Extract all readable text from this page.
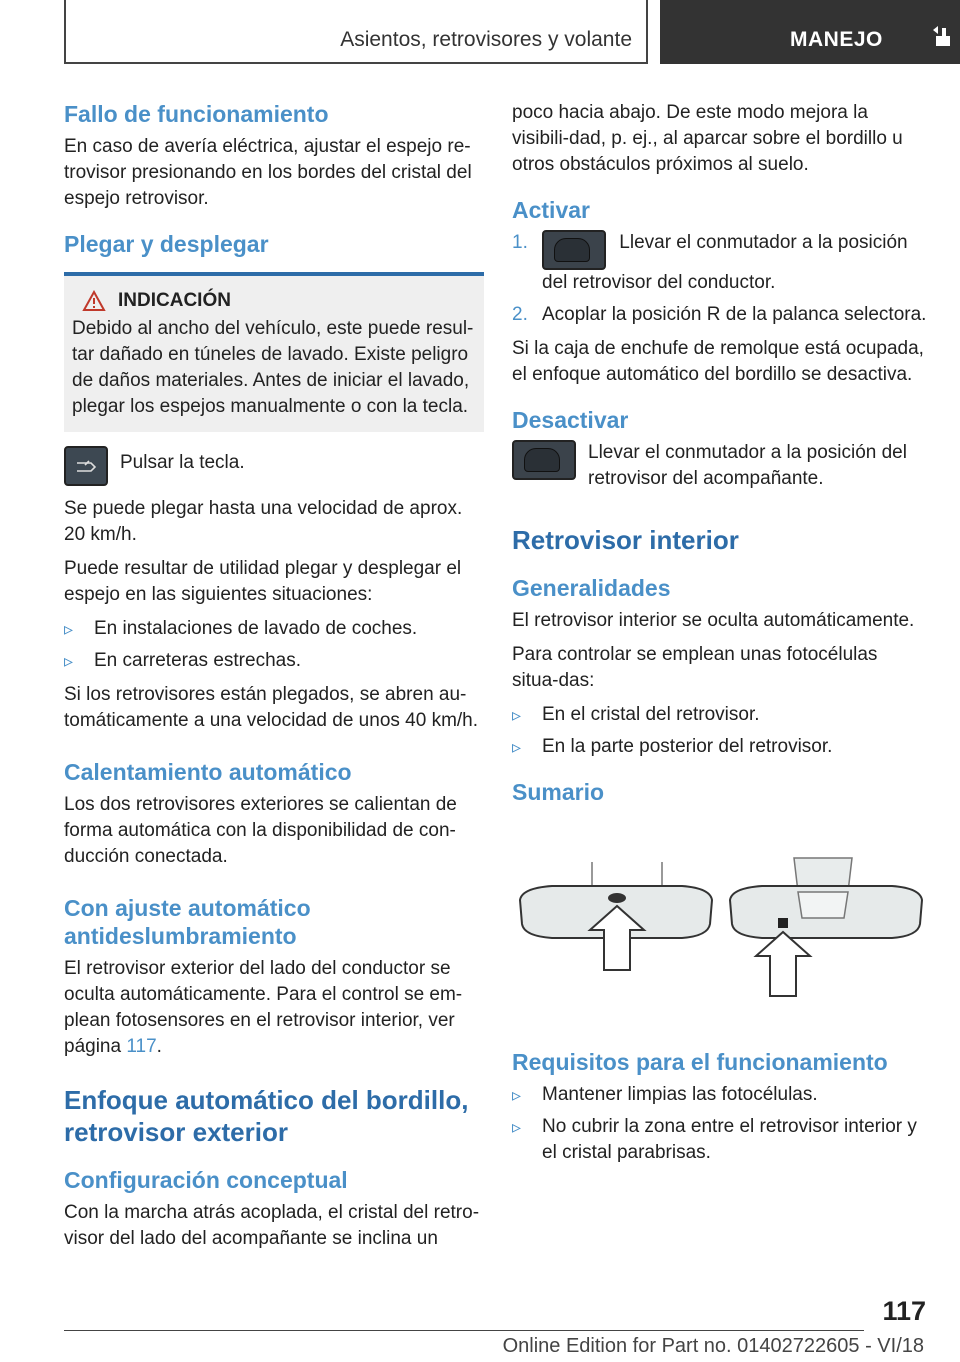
Asientos, retrovisores y volante	MANEJO
Fallo de funcionamiento

En caso de avería eléctrica, ajustar el espejo re-trovisor presionando en los bordes del cristal del espejo retrovisor.

Plegar y desplegar
INDICACIÓN

Debido al ancho del vehículo, este puede resul-tar dañado en túneles de lavado. Existe peligro de daños materiales. Antes de iniciar el lavado, plegar los espejos manualmente o con la tecla.

Pulsar la tecla.

Se puede plegar hasta una velocidad de aprox. 20 km/h.

Puede resultar de utilidad plegar y desplegar el espejo en las siguientes situaciones:

▹ En instalaciones de lavado de coches.
▹ En carreteras estrechas.

Si los retrovisores están plegados, se abren au-tomáticamente a una velocidad de unos 40 km/h.

Calentamiento automático

Los dos retrovisores exteriores se calientan de forma automática con la disponibilidad de con-ducción conectada.

Con ajuste automático antideslumbramiento

El retrovisor exterior del lado del conductor se oculta automáticamente. Para el control se em-plean fotosensores en el retrovisor interior, ver página 117.

Enfoque automático del bordillo, retrovisor exterior
Configuración conceptual

Con la marcha atrás acoplada, el cristal del retro-visor del lado del acompañante se inclina un

poco hacia abajo. De este modo mejora la visibili-dad, p. ej., al aparcar sobre el bordillo u otros obstáculos próximos al suelo.

Activar
1.	Llevar el conmutador a la posición del retrovisor del conductor.
2. Acoplar la posición R de la palanca selectora.

Si la caja de enchufe de remolque está ocupada, el enfoque automático del bordillo se desactiva.

Desactivar

Llevar el conmutador a la posición del retrovisor del acompañante.

Retrovisor interior
Generalidades

El retrovisor interior se oculta automáticamente.

Para controlar se emplean unas fotocélulas situa-das:

▹ En el cristal del retrovisor.
▹ En la parte posterior del retrovisor.
Sumario
Requisitos para el funcionamiento
▹ Mantener limpias las fotocélulas.
▹ No cubrir la zona entre el retrovisor interior y el cristal parabrisas.
117
Online Edition for Part no. 01402722605 - VI/18
